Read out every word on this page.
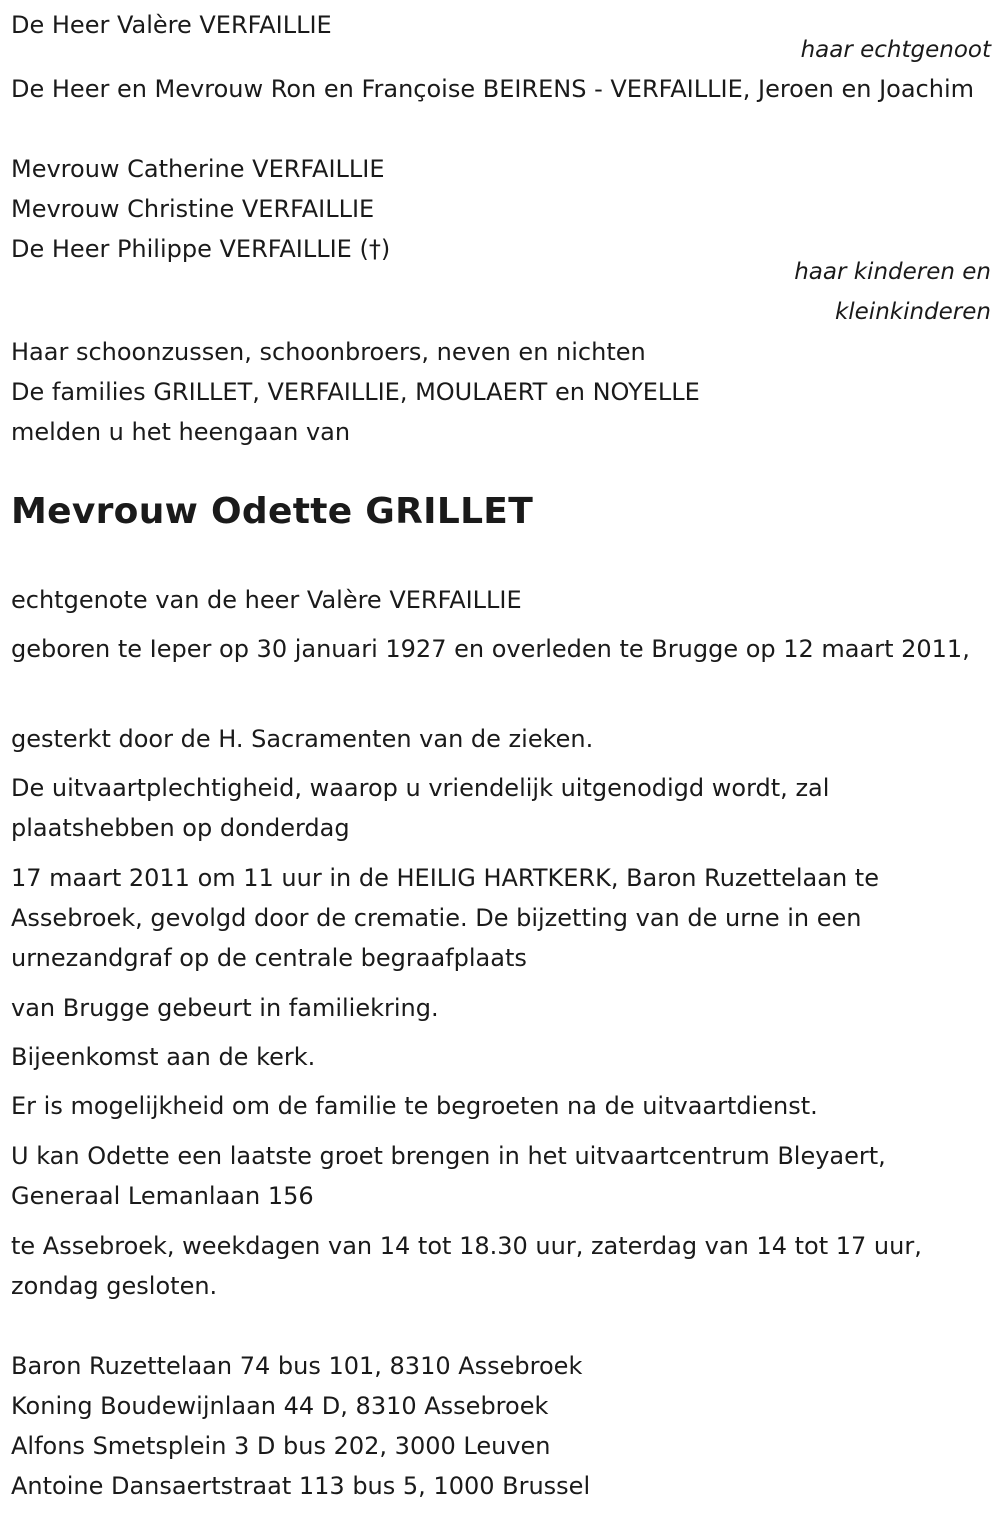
De Heer Valère VERFAILLIE
haar echtgenoot
De Heer en Mevrouw Ron en Françoise BEIRENS - VERFAILLIE, Jeroen en Joachim
Mevrouw Catherine VERFAILLIE
Mevrouw Christine VERFAILLIE
De Heer Philippe VERFAILLIE (†)
haar kinderen en
kleinkinderen
Haar schoonzussen, schoonbroers, neven en nichten
De families GRILLET, VERFAILLIE, MOULAERT en NOYELLE
melden u het heengaan van
Mevrouw Odette GRILLET
echtgenote van de heer Valère VERFAILLIE
geboren te Ieper op 30 januari 1927 en overleden te Brugge op 12 maart 2011,
gesterkt door de H. Sacramenten van de zieken.
De uitvaartplechtigheid, waarop u vriendelijk uitgenodigd wordt, zal plaatshebben op donderdag
17 maart 2011 om 11 uur in de HEILIG HARTKERK, Baron Ruzettelaan te Assebroek, gevolgd door de crematie. De bijzetting van de urne in een urnezandgraf op de centrale begraafplaats
van Brugge gebeurt in familiekring.
Bijeenkomst aan de kerk.
Er is mogelijkheid om de familie te begroeten na de uitvaartdienst.
U kan Odette een laatste groet brengen in het uitvaartcentrum Bleyaert, Generaal Lemanlaan 156
te Assebroek, weekdagen van 14 tot 18.30 uur, zaterdag van 14 tot 17 uur, zondag gesloten.
Baron Ruzettelaan 74 bus 101, 8310 Assebroek
Koning Boudewijnlaan 44 D, 8310 Assebroek
Alfons Smetsplein 3 D bus 202, 3000 Leuven
Antoine Dansaertstraat 113 bus 5, 1000 Brussel
